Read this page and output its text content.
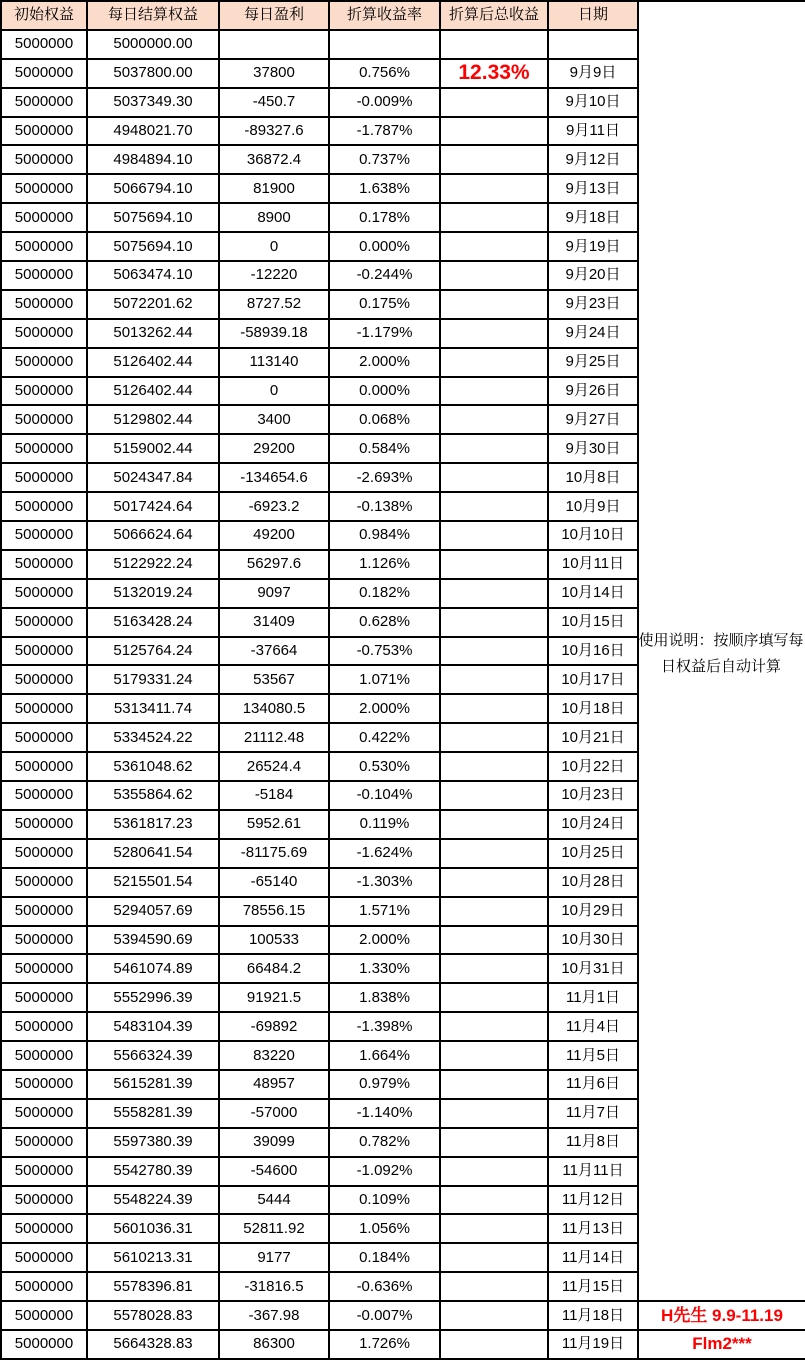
初始权益	每日结算权益	每日盈利	折算收益率	折算后总收益	日期	
5000000	5000000.00					
5000000	5037800.00	37800	0.756%	12.33%	9月9日	
5000000	5037349.30	-450.7	-0.009%		9月10日	
5000000	4948021.70	-89327.6	-1.787%		9月11日	
5000000	4984894.10	36872.4	0.737%		9月12日	
5000000	5066794.10	81900	1.638%		9月13日	
5000000	5075694.10	8900	0.178%		9月18日	
5000000	5075694.10	0	0.000%		9月19日	
5000000	5063474.10	-12220	-0.244%		9月20日	
5000000	5072201.62	8727.52	0.175%		9月23日	
5000000	5013262.44	-58939.18	-1.179%		9月24日	
5000000	5126402.44	113140	2.000%		9月25日	
5000000	5126402.44	0	0.000%		9月26日	
5000000	5129802.44	3400	0.068%		9月27日	
5000000	5159002.44	29200	0.584%		9月30日	
5000000	5024347.84	-134654.6	-2.693%		10月8日	
5000000	5017424.64	-6923.2	-0.138%		10月9日	
5000000	5066624.64	49200	0.984%		10月10日	
5000000	5122922.24	56297.6	1.126%		10月11日	
5000000	5132019.24	9097	0.182%		10月14日	
5000000	5163428.24	31409	0.628%		10月15日	
5000000	5125764.24	-37664	-0.753%		10月16日	
5000000	5179331.24	53567	1.071%		10月17日	
5000000	5313411.74	134080.5	2.000%		10月18日	
5000000	5334524.22	21112.48	0.422%		10月21日	
5000000	5361048.62	26524.4	0.530%		10月22日	
5000000	5355864.62	-5184	-0.104%		10月23日	
5000000	5361817.23	5952.61	0.119%		10月24日	
5000000	5280641.54	-81175.69	-1.624%		10月25日	
5000000	5215501.54	-65140	-1.303%		10月28日	
5000000	5294057.69	78556.15	1.571%		10月29日	
5000000	5394590.69	100533	2.000%		10月30日	
5000000	5461074.89	66484.2	1.330%		10月31日	
5000000	5552996.39	91921.5	1.838%		11月1日	
5000000	5483104.39	-69892	-1.398%		11月4日	
5000000	5566324.39	83220	1.664%		11月5日	
5000000	5615281.39	48957	0.979%		11月6日	
5000000	5558281.39	-57000	-1.140%		11月7日	
5000000	5597380.39	39099	0.782%		11月8日	
5000000	5542780.39	-54600	-1.092%		11月11日	
5000000	5548224.39	5444	0.109%		11月12日	
5000000	5601036.31	52811.92	1.056%		11月13日	
5000000	5610213.31	9177	0.184%		11月14日	
5000000	5578396.81	-31816.5	-0.636%		11月15日	
5000000	5578028.83	-367.98	-0.007%		11月18日	H先生 9.9-11.19
5000000	5664328.83	86300	1.726%		11月19日	Flm2***
使用说明：按顺序填写每
日权益后自动计算
